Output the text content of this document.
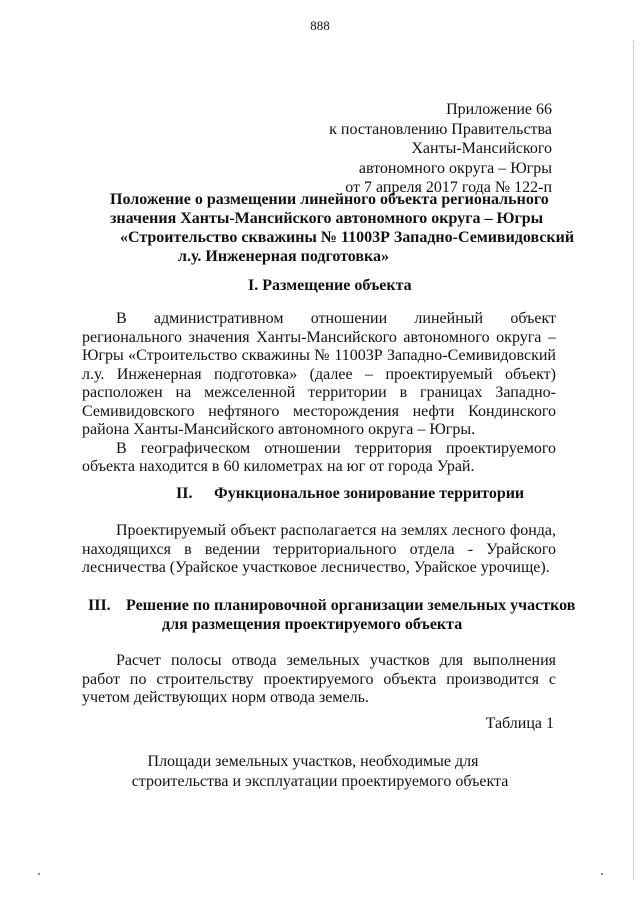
888
Приложение 66
к постановлению Правительства
Ханты-Мансийского
автономного округа – Югры
от 7 апреля 2017 года № 122-п
Положение о размещении линейного объекта регионального
значения Ханты-Мансийского автономного округа – Югры
«Строительство скважины № 11003Р Западно-Семивидовский
л.у. Инженерная подготовка»
I. Размещение объекта

В административном отношении линейный объект регионального значения Ханты-Мансийского автономного округа – Югры «Строительство скважины № 11003Р Западно-Семивидовский л.у. Инженерная подготовка» (далее – проектируемый объект) расположен на межселенной территории в границах Западно-Семивидовского нефтяного месторождения нефти Кондинского района Ханты-Мансийского автономного округа – Югры.

В географическом отношении территория проектируемого объекта находится в 60 километрах на юг от города Урай.

II. Функциональное зонирование территории

Проектируемый объект располагается на землях лесного фонда, находящихся в ведении территориального отдела - Урайского лесничества (Урайское участковое лесничество, Урайское урочище).

III. Решение по планировочной организации земельных участков
для размещения проектируемого объекта

Расчет полосы отвода земельных участков для выполнения работ по строительству проектируемого объекта производится с учетом действующих норм отвода земель.

Таблица 1
Площади земельных участков, необходимые для
строительства и эксплуатации проектируемого объекта
